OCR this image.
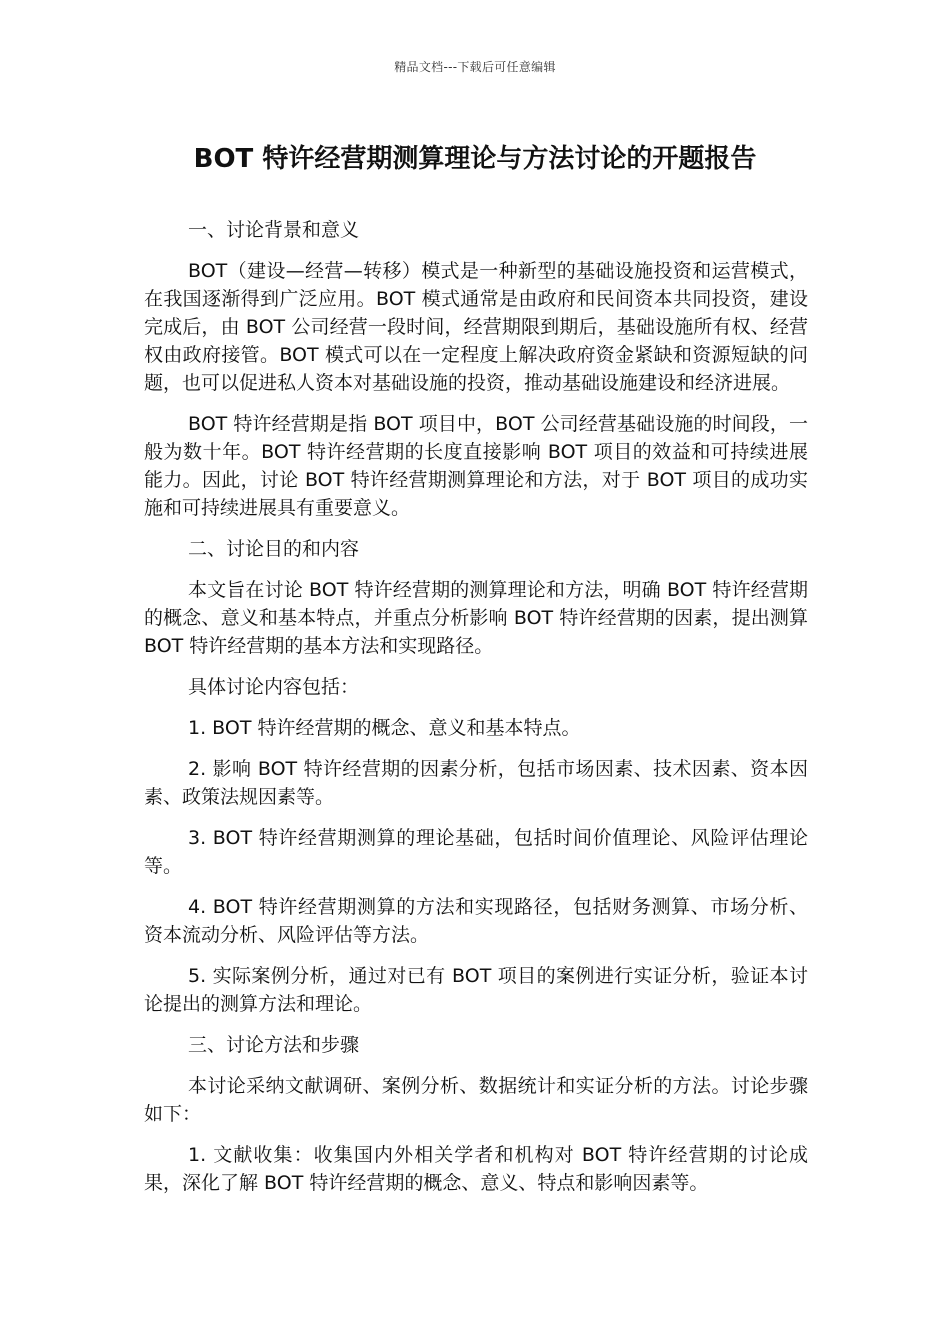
精品文档---下载后可任意编辑
BOT 特许经营期测算理论与方法讨论的开题报告

一、讨论背景和意义

BOT（建设—经营—转移）模式是一种新型的基础设施投资和运营模式，在我国逐渐得到广泛应用。BOT 模式通常是由政府和民间资本共同投资，建设完成后，由 BOT 公司经营一段时间，经营期限到期后，基础设施所有权、经营权由政府接管。BOT 模式可以在一定程度上解决政府资金紧缺和资源短缺的问题，也可以促进私人资本对基础设施的投资，推动基础设施建设和经济进展。

BOT 特许经营期是指 BOT 项目中，BOT 公司经营基础设施的时间段，一般为数十年。BOT 特许经营期的长度直接影响 BOT 项目的效益和可持续进展能力。因此，讨论 BOT 特许经营期测算理论和方法，对于 BOT 项目的成功实施和可持续进展具有重要意义。

二、讨论目的和内容

本文旨在讨论 BOT 特许经营期的测算理论和方法，明确 BOT 特许经营期的概念、意义和基本特点，并重点分析影响 BOT 特许经营期的因素，提出测算 BOT 特许经营期的基本方法和实现路径。

具体讨论内容包括：

1. BOT 特许经营期的概念、意义和基本特点。

2. 影响 BOT 特许经营期的因素分析，包括市场因素、技术因素、资本因素、政策法规因素等。

3. BOT 特许经营期测算的理论基础，包括时间价值理论、风险评估理论等。

4. BOT 特许经营期测算的方法和实现路径，包括财务测算、市场分析、资本流动分析、风险评估等方法。

5. 实际案例分析，通过对已有 BOT 项目的案例进行实证分析，验证本讨论提出的测算方法和理论。

三、讨论方法和步骤

本讨论采纳文献调研、案例分析、数据统计和实证分析的方法。讨论步骤如下：

1. 文献收集：收集国内外相关学者和机构对 BOT 特许经营期的讨论成果，深化了解 BOT 特许经营期的概念、意义、特点和影响因素等。
